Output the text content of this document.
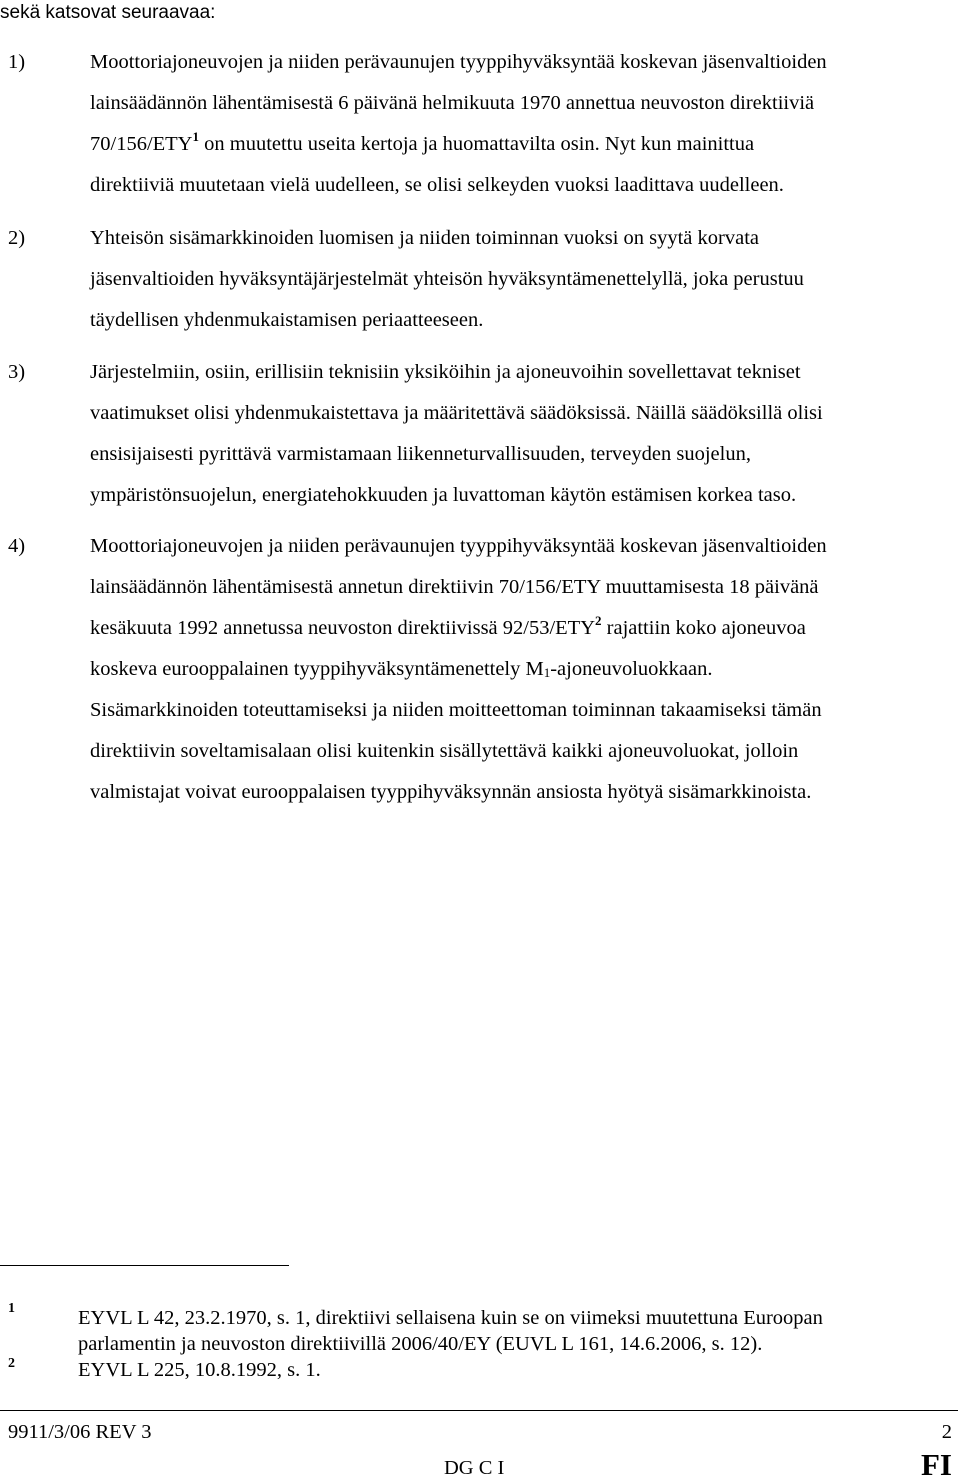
sekä katsovat seuraavaa:
1)	Moottoriajoneuvojen ja niiden perävaunujen tyyppihyväksyntää koskevan jäsenvaltioiden
lainsäädännön lähentämisestä 6 päivänä helmikuuta 1970 annettua neuvoston direktiiviä
70/156/ETY$^1$ on muutettu useita kertoja ja huomattavilta osin. Nyt kun mainittua
direktiiviä muutetaan vielä uudelleen, se olisi selkeyden vuoksi laadittava uudelleen.
2)	Yhteisön sisämarkkinoiden luomisen ja niiden toiminnan vuoksi on syytä korvata
jäsenvaltioiden hyväksyntäjärjestelmät yhteisön hyväksyntämenettelyllä, joka perustuu
täydellisen yhdenmukaistamisen periaatteeseen.
3)	Järjestelmiin, osiin, erillisiin teknisiin yksiköihin ja ajoneuvoihin sovellettavat tekniset
vaatimukset olisi yhdenmukaistettava ja määritettävä säädöksissä. Näillä säädöksillä olisi
ensisijaisesti pyrittävä varmistamaan liikenneturvallisuuden, terveyden suojelun,
ympäristönsuojelun, energiatehokkuuden ja luvattoman käytön estämisen korkea taso.
4)	Moottoriajoneuvojen ja niiden perävaunujen tyyppihyväksyntää koskevan jäsenvaltioiden
lainsäädännön lähentämisestä annetun direktiivin 70/156/ETY muuttamisesta 18 päivänä
kesäkuuta 1992 annetussa neuvoston direktiivissä 92/53/ETY$^2$ rajattiin koko ajoneuvoa
koskeva eurooppalainen tyyppihyväksyntämenettely $M_1$-ajoneuvoluokkaan.
Sisämarkkinoiden toteuttamiseksi ja niiden moitteettoman toiminnan takaamiseksi tämän
direktiivin soveltamisalaan olisi kuitenkin sisällytettävä kaikki ajoneuvoluokat, jolloin
valmistajat voivat eurooppalaisen tyyppihyväksynnän ansiosta hyötyä sisämarkkinoista.
1	EYVL L 42, 23.2.1970, s. 1, direktiivi sellaisena kuin se on viimeksi muutettuna Euroopan
parlamentin ja neuvoston direktiivillä 2006/40/EY (EUVL L 161, 14.6.2006, s. 12).
2	EYVL L 225, 10.8.1992, s. 1.
9911/3/06 REV 3	2
DG C I	FI
